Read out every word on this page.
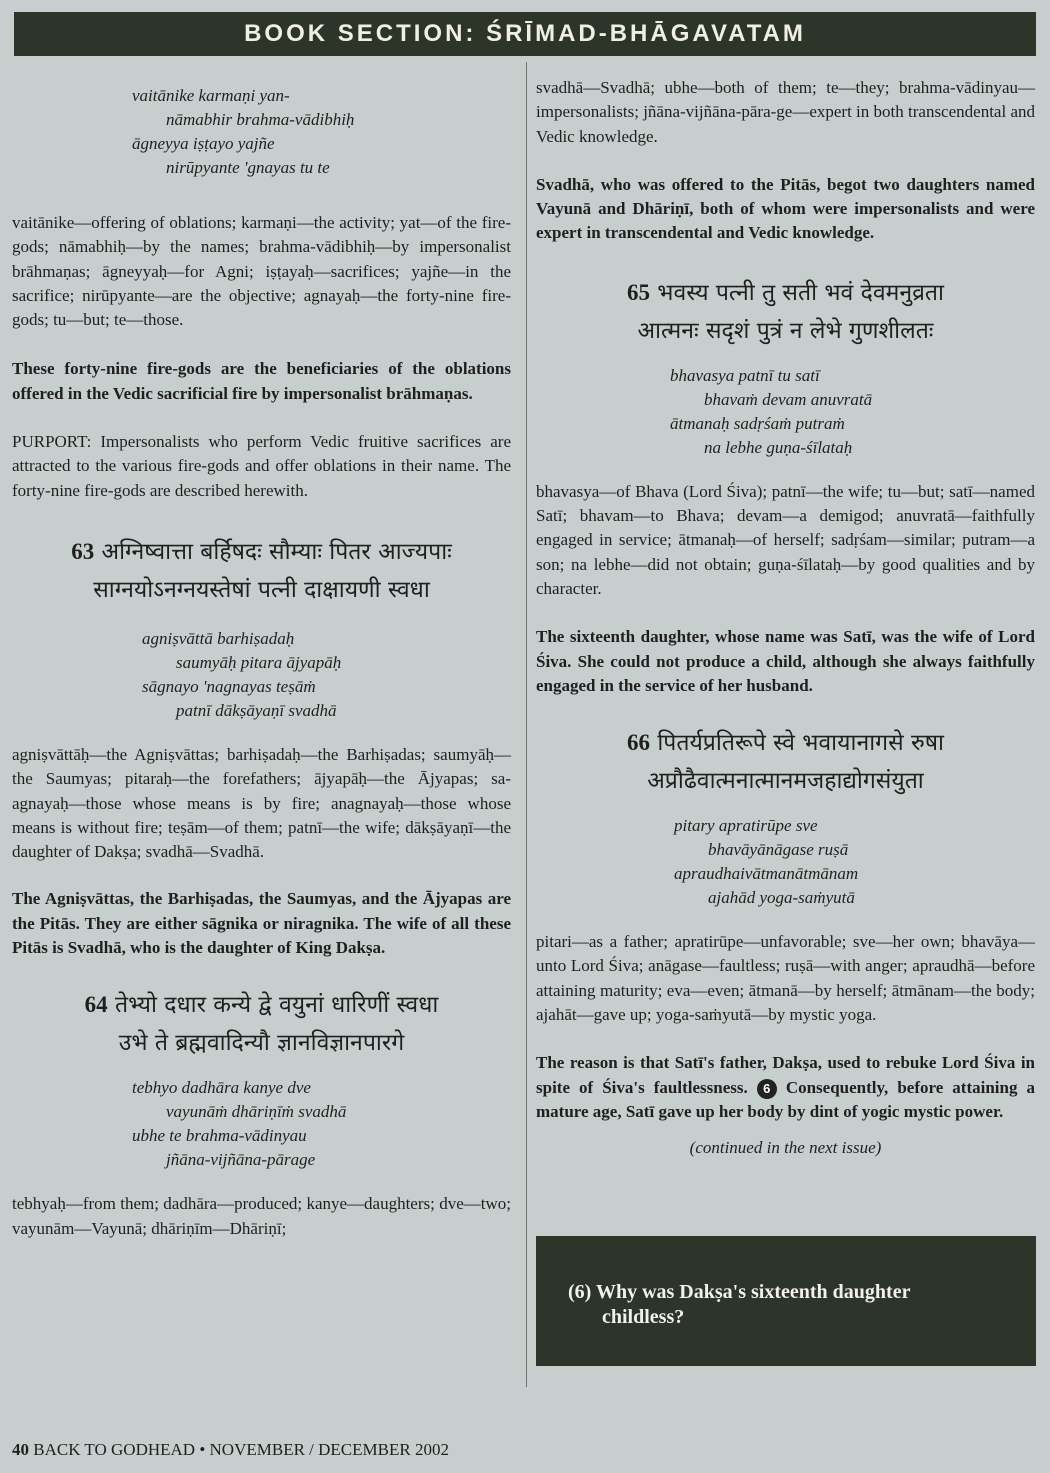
BOOK SECTION: ŚRĪMAD-BHĀGAVATAM
vaitānike karmaṇi yan-
nāmabhir brahma-vādibhiḥ
āgneyya iṣṭayo yajñe
nirūpyante 'gnayas tu te

vaitānike—offering of oblations; karmaṇi—the activity; yat—of the fire-gods; nāmabhiḥ—by the names; brahma-vādibhiḥ—by impersonalist brāhmaṇas; āgneyyaḥ—for Agni; iṣṭayaḥ—sacrifices; yajñe—in the sacrifice; nirūpyante—are the objective; agnayaḥ—the forty-nine fire-gods; tu—but; te—those.

These forty-nine fire-gods are the beneficiaries of the oblations offered in the Vedic sacrificial fire by impersonalist brāhmaṇas.

PURPORT: Impersonalists who perform Vedic fruitive sacrifices are attracted to the various fire-gods and offer oblations in their name. The forty-nine fire-gods are described herewith.

63 अग्निष्वात्ता बर्हिषदः सौम्याः पितर आज्यपाः

साग्नयोऽनग्नयस्तेषां पत्नी दाक्षायणी स्वधा

agniṣvāttā barhiṣadaḥ
saumyāḥ pitara ājyapāḥ
sāgnayo 'nagnayas teṣāṁ
patnī dākṣāyaṇī svadhā

agniṣvāttāḥ—the Agniṣvāttas; barhiṣadaḥ—the Barhiṣadas; saumyāḥ—the Saumyas; pitaraḥ—the forefathers; ājyapāḥ—the Ājyapas; sa-agnayaḥ—those whose means is by fire; anagnayaḥ—those whose means is without fire; teṣām—of them; patnī—the wife; dākṣāyaṇī—the daughter of Dakṣa; svadhā—Svadhā.

The Agniṣvāttas, the Barhiṣadas, the Saumyas, and the Ājyapas are the Pitās. They are either sāgnika or niragnika. The wife of all these Pitās is Svadhā, who is the daughter of King Dakṣa.

64 तेभ्यो दधार कन्ये द्वे वयुनां धारिणीं स्वधा

उभे ते ब्रह्मवादिन्यौ ज्ञानविज्ञानपारगे

tebhyo dadhāra kanye dve
vayunāṁ dhāriṇīṁ svadhā
ubhe te brahma-vādinyau
jñāna-vijñāna-pārage

tebhyaḥ—from them; dadhāra—produced; kanye—daughters; dve—two; vayunām—Vayunā; dhāriṇīm—Dhāriṇī;

svadhā—Svadhā; ubhe—both of them; te—they; brahma-vādinyau—impersonalists; jñāna-vijñāna-pāra-ge—expert in both transcendental and Vedic knowledge.

Svadhā, who was offered to the Pitās, begot two daughters named Vayunā and Dhāriṇī, both of whom were impersonalists and were expert in transcendental and Vedic knowledge.

65 भवस्य पत्नी तु सती भवं देवमनुव्रता

आत्मनः सदृशं पुत्रं न लेभे गुणशीलतः

bhavasya patnī tu satī
bhavaṁ devam anuvratā
ātmanaḥ sadṛśaṁ putraṁ
na lebhe guṇa-śīlataḥ

bhavasya—of Bhava (Lord Śiva); patnī—the wife; tu—but; satī—named Satī; bhavam—to Bhava; devam—a demigod; anuvratā—faithfully engaged in service; ātmanaḥ—of herself; sadṛśam—similar; putram—a son; na lebhe—did not obtain; guṇa-śīlataḥ—by good qualities and by character.

The sixteenth daughter, whose name was Satī, was the wife of Lord Śiva. She could not produce a child, although she always faithfully engaged in the service of her husband.

66 पितर्यप्रतिरूपे स्वे भवायानागसे रुषा

अप्रौढैवात्मनात्मानमजहाद्योगसंयुता

pitary apratirūpe sve
bhavāyānāgase ruṣā
apraudhaivātmanātmānam
ajahād yoga-saṁyutā

pitari—as a father; apratirūpe—unfavorable; sve—her own; bhavāya—unto Lord Śiva; anāgase—faultless; ruṣā—with anger; apraudhā—before attaining maturity; eva—even; ātmanā—by herself; ātmānam—the body; ajahāt—gave up; yoga-saṁyutā—by mystic yoga.

The reason is that Satī's father, Dakṣa, used to rebuke Lord Śiva in spite of Śiva's faultlessness. 6 Consequently, before attaining a mature age, Satī gave up her body by dint of yogic mystic power.

(continued in the next issue)

(6) Why was Dakṣa's sixteenth daughter
childless?
40 BACK TO GODHEAD • NOVEMBER / DECEMBER 2002
